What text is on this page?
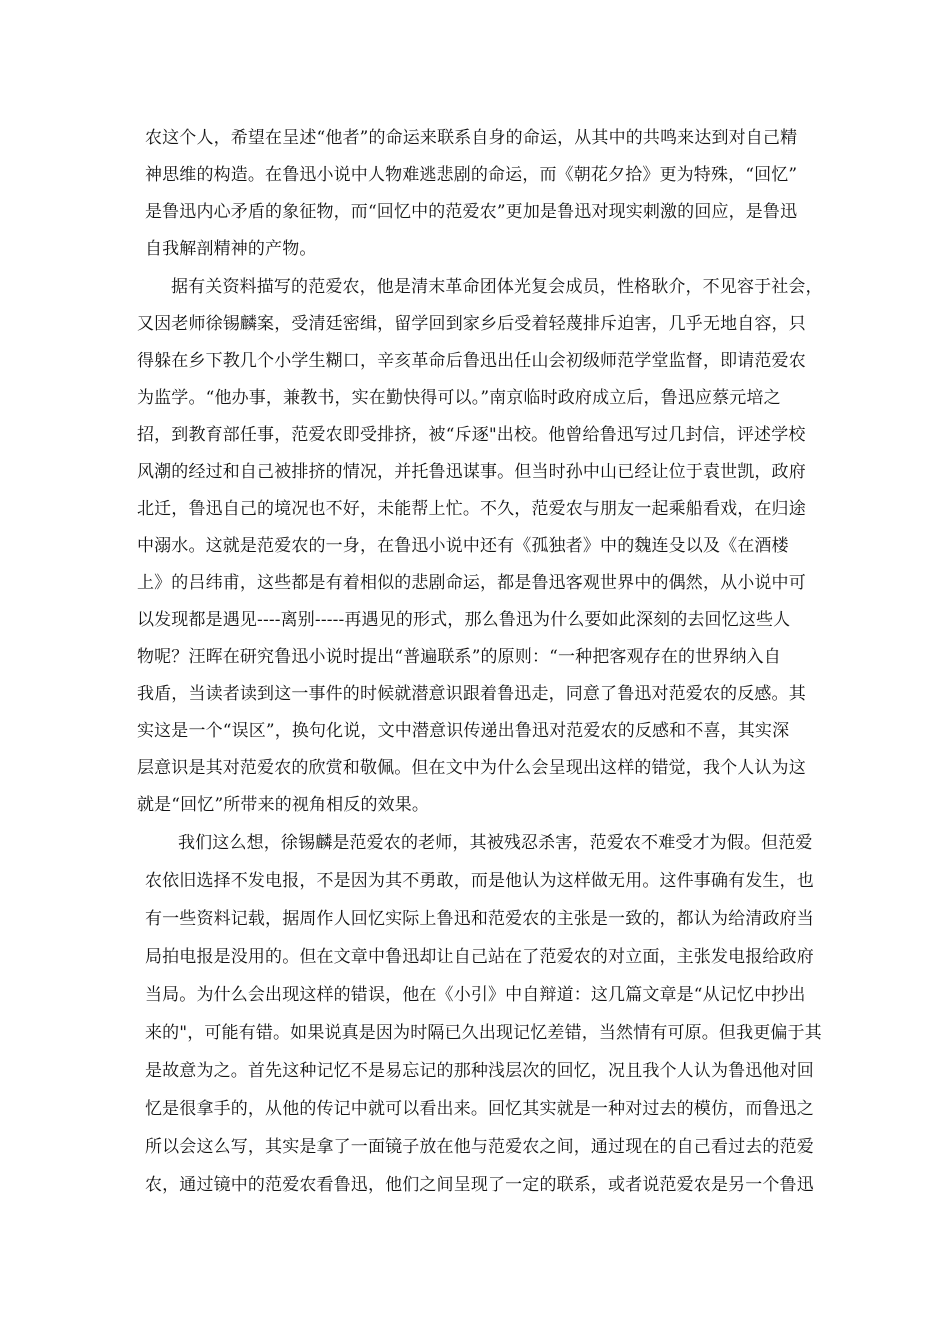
农这个人，希望在呈述“他者”的命运来联系自身的命运，从其中的共鸣来达到对自己精

神思维的构造。在鲁迅小说中人物难逃悲剧的命运，而《朝花夕拾》更为特殊，“回忆”

是鲁迅内心矛盾的象征物，而“回忆中的范爱农”更加是鲁迅对现实刺激的回应，是鲁迅

自我解剖精神的产物。

据有关资料描写的范爱农，他是清末革命团体光复会成员，性格耿介，不见容于社会，

又因老师徐锡麟案，受清廷密缉，留学回到家乡后受着轻蔑排斥迫害，几乎无地自容，只

得躲在乡下教几个小学生糊口，辛亥革命后鲁迅出任山会初级师范学堂监督，即请范爱农

为监学。“他办事，兼教书，实在勤快得可以。”南京临时政府成立后，鲁迅应蔡元培之

招，到教育部任事，范爱农即受排挤，被“斥逐"出校。他曾给鲁迅写过几封信，评述学校

风潮的经过和自己被排挤的情况，并托鲁迅谋事。但当时孙中山已经让位于袁世凯，政府

北迁，鲁迅自己的境况也不好，未能帮上忙。不久，范爱农与朋友一起乘船看戏，在归途

中溺水。这就是范爱农的一身，在鲁迅小说中还有《孤独者》中的魏连殳以及《在酒楼

上》的吕纬甫，这些都是有着相似的悲剧命运，都是鲁迅客观世界中的偶然，从小说中可

以发现都是遇见----离别-----再遇见的形式，那么鲁迅为什么要如此深刻的去回忆这些人

物呢？汪晖在研究鲁迅小说时提出“普遍联系”的原则：“一种把客观存在的世界纳入自

我盾，当读者读到这一事件的时候就潜意识跟着鲁迅走，同意了鲁迅对范爱农的反感。其

实这是一个“误区”，换句化说，文中潜意识传递出鲁迅对范爱农的反感和不喜，其实深

层意识是其对范爱农的欣赏和敬佩。但在文中为什么会呈现出这样的错觉，我个人认为这

就是“回忆”所带来的视角相反的效果。

我们这么想，徐锡麟是范爱农的老师，其被残忍杀害，范爱农不难受才为假。但范爱

农依旧选择不发电报，不是因为其不勇敢，而是他认为这样做无用。这件事确有发生，也

有一些资料记载，据周作人回忆实际上鲁迅和范爱农的主张是一致的，都认为给清政府当

局拍电报是没用的。但在文章中鲁迅却让自己站在了范爱农的对立面，主张发电报给政府

当局。为什么会出现这样的错误，他在《小引》中自辩道：这几篇文章是“从记忆中抄出

来的"，可能有错。如果说真是因为时隔已久出现记忆差错，当然情有可原。但我更偏于其

是故意为之。首先这种记忆不是易忘记的那种浅层次的回忆，况且我个人认为鲁迅他对回

忆是很拿手的，从他的传记中就可以看出来。回忆其实就是一种对过去的模仿，而鲁迅之

所以会这么写，其实是拿了一面镜子放在他与范爱农之间，通过现在的自己看过去的范爱

农，通过镜中的范爱农看鲁迅，他们之间呈现了一定的联系，或者说范爱农是另一个鲁迅
